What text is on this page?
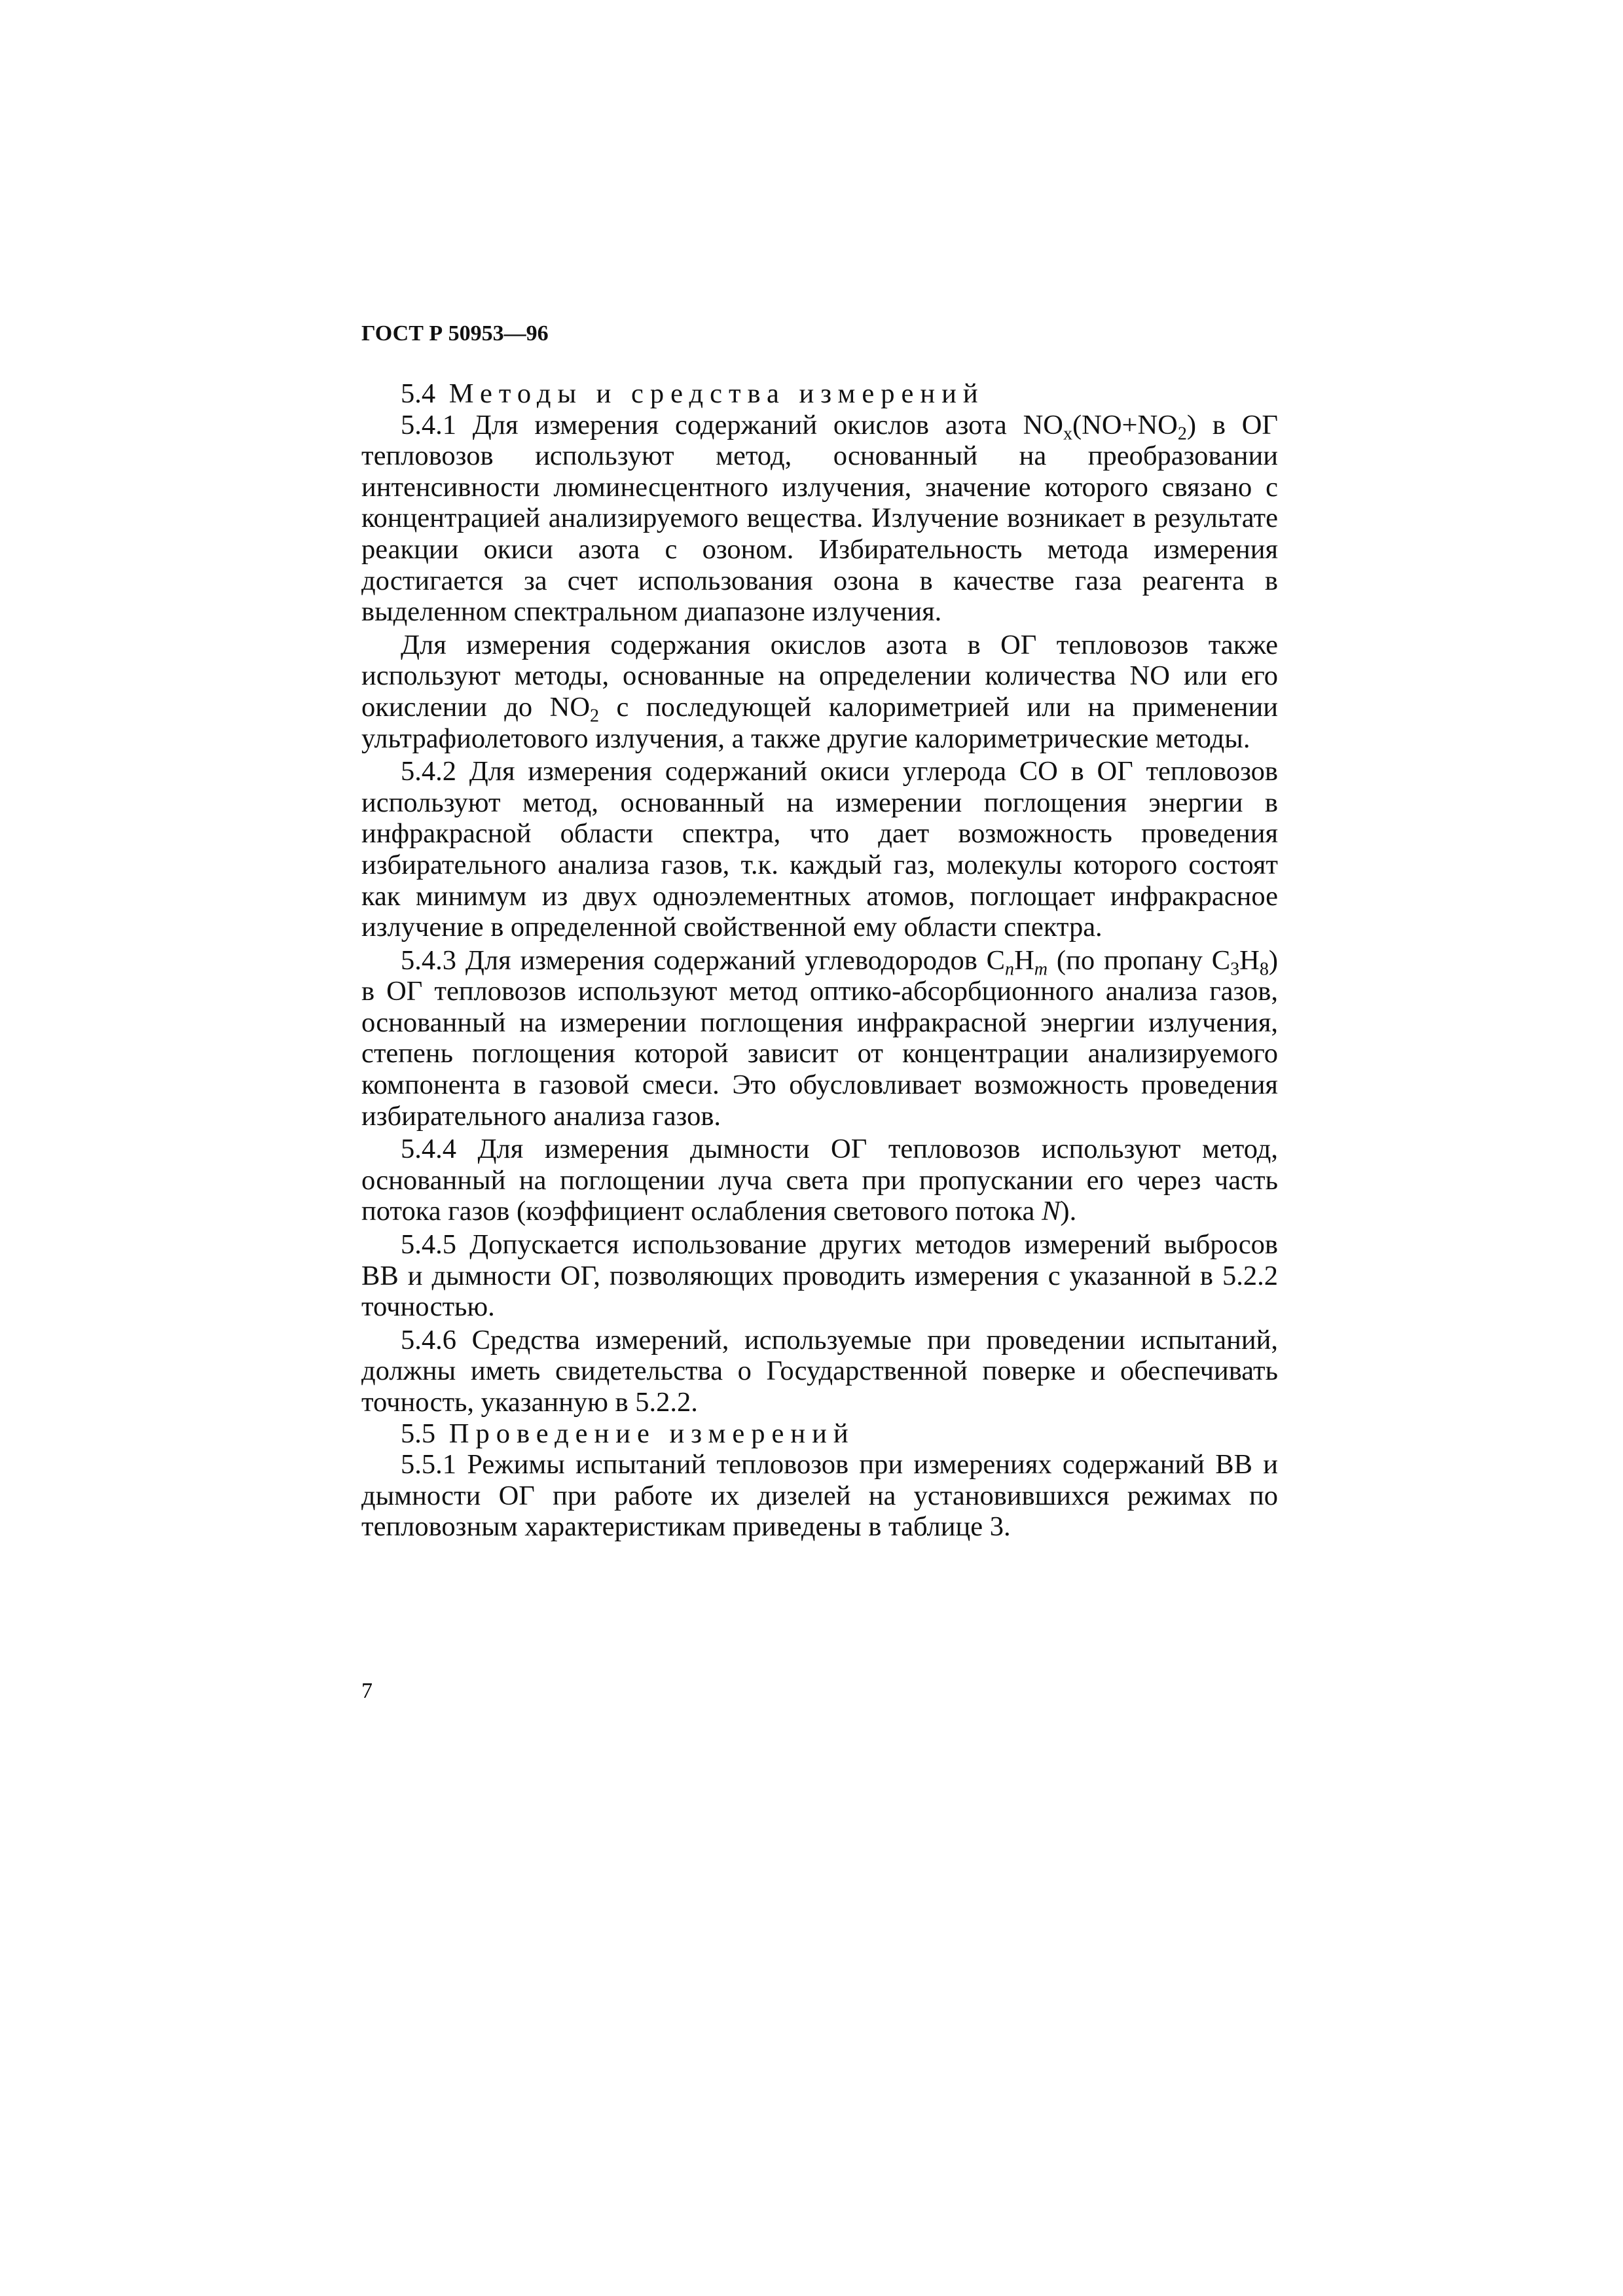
ГОСТ Р 50953—96

5.4 Методы и средства измерений

5.4.1 Для измерения содержаний окислов азота $NO_x(NO+NO_2)$ в ОГ тепловозов используют метод, основанный на преобразовании интенсивности люминесцентного излучения, значение которого связано с концентрацией анализируемого вещества. Излучение возникает в результате реакции окиси азота с озоном. Избирательность метода измерения достигается за счет использования озона в качестве газа реагента в выделенном спектральном диапазоне излучения.

Для измерения содержания окислов азота в ОГ тепловозов также используют методы, основанные на определении количества NO или его окислении до $NO_2$ с последующей калориметрией или на применении ультрафиолетового излучения, а также другие калориметрические методы.

5.4.2 Для измерения содержаний окиси углерода CO в ОГ тепловозов используют метод, основанный на измерении поглощения энергии в инфракрасной области спектра, что дает возможность проведения избирательного анализа газов, т.к. каждый газ, молекулы которого состоят как минимум из двух одноэлементных атомов, поглощает инфракрасное излучение в определенной свойственной ему области спектра.

5.4.3 Для измерения содержаний углеводородов $C_nH_m$ (по пропану $C_3H_8$) в ОГ тепловозов используют метод оптико-абсорбционного анализа газов, основанный на измерении поглощения инфракрасной энергии излучения, степень поглощения которой зависит от концентрации анализируемого компонента в газовой смеси. Это обусловливает возможность проведения избирательного анализа газов.

5.4.4 Для измерения дымности ОГ тепловозов используют метод, основанный на поглощении луча света при пропускании его через часть потока газов (коэффициент ослабления светового потока N).

5.4.5 Допускается использование других методов измерений выбросов ВВ и дымности ОГ, позволяющих проводить измерения с указанной в 5.2.2 точностью.

5.4.6 Средства измерений, используемые при проведении испытаний, должны иметь свидетельства о Государственной поверке и обеспечивать точность, указанную в 5.2.2.

5.5 Проведение измерений

5.5.1 Режимы испытаний тепловозов при измерениях содержаний ВВ и дымности ОГ при работе их дизелей на установившихся режимах по тепловозным характеристикам приведены в таблице 3.

7
